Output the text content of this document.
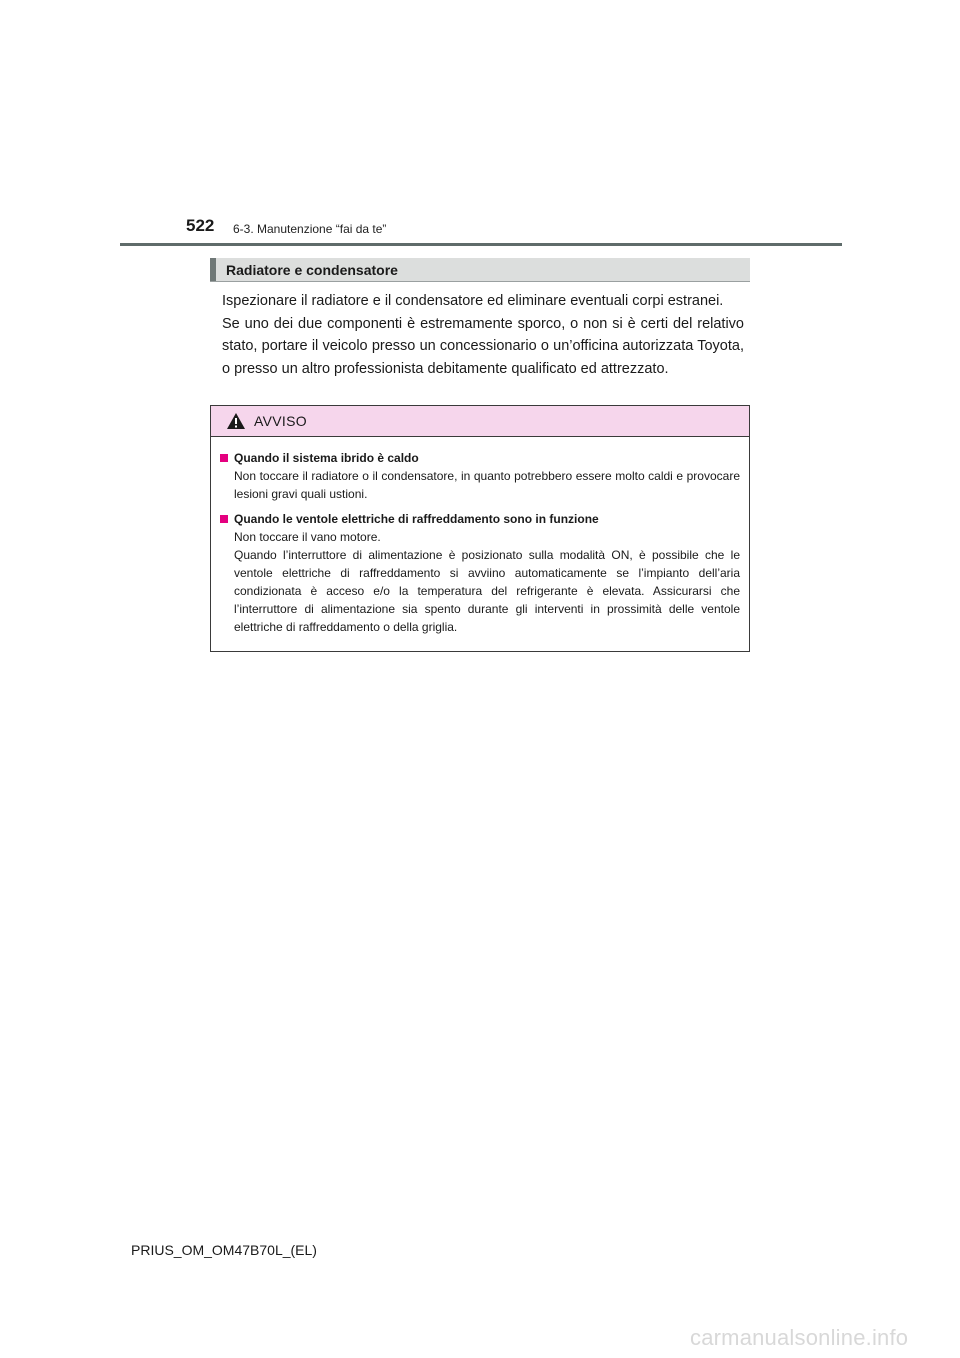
522 6-3. Manutenzione “fai da te”
Radiatore e condensatore

Ispezionare il radiatore e il condensatore ed eliminare eventuali corpi estranei.

Se uno dei due componenti è estremamente sporco, o non si è certi del relativo stato, portare il veicolo presso un concessionario o un’officina autorizzata Toyota, o presso un altro professionista debitamente qualificato ed attrezzato.

AVVISO
Quando il sistema ibrido è caldo

Non toccare il radiatore o il condensatore, in quanto potrebbero essere molto caldi e provocare lesioni gravi quali ustioni.

Quando le ventole elettriche di raffreddamento sono in funzione

Non toccare il vano motore.

Quando l’interruttore di alimentazione è posizionato sulla modalità ON, è possibile che le ventole elettriche di raffreddamento si avviino automaticamente se l’impianto dell’aria condizionata è acceso e/o la temperatura del refrigerante è elevata. Assicurarsi che l’interruttore di alimentazione sia spento durante gli interventi in prossimità delle ventole elettriche di raffreddamento o della griglia.

PRIUS_OM_OM47B70L_(EL)
carmanualsonline.info
